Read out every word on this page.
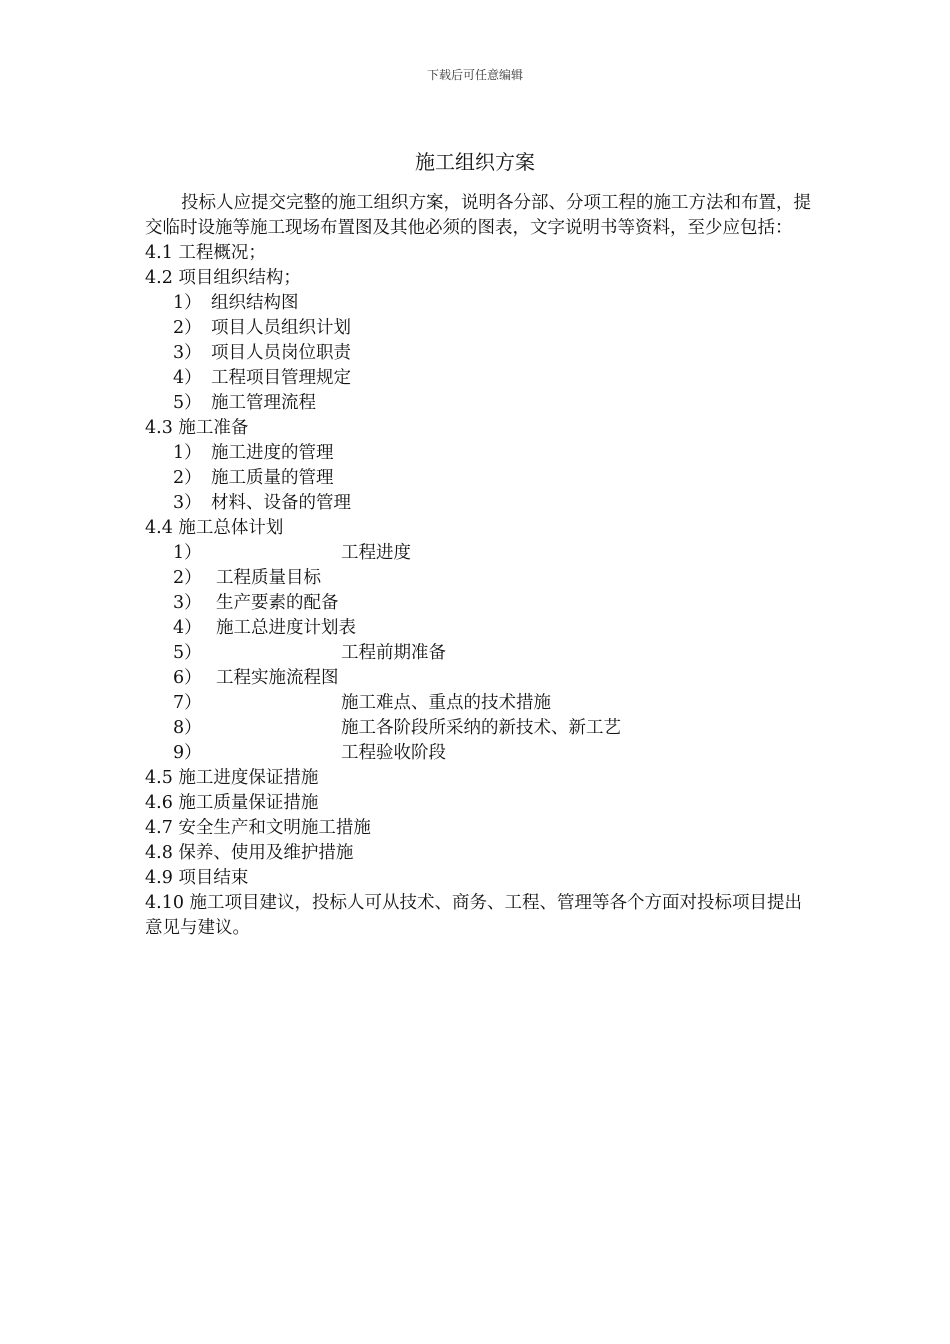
下载后可任意编辑
施工组织方案

投标人应提交完整的施工组织方案，说明各分部、分项工程的施工方法和布置，提交临时设施等施工现场布置图及其他必须的图表，文字说明书等资料，至少应包括：

4.1 工程概况；
4.2 项目组织结构；
1） 组织结构图
2） 项目人员组织计划
3） 项目人员岗位职责
4） 工程项目管理规定
5） 施工管理流程
4.3 施工准备
1） 施工进度的管理
2） 施工质量的管理
3） 材料、设备的管理
4.4 施工总体计划
1）	工程进度
2） 工程质量目标
3） 生产要素的配备
4） 施工总进度计划表
5）	工程前期准备
6） 工程实施流程图
7）	施工难点、重点的技术措施
8）	施工各阶段所采纳的新技术、新工艺
9）	工程验收阶段
4.5 施工进度保证措施
4.6 施工质量保证措施
4.7 安全生产和文明施工措施
4.8 保养、使用及维护措施
4.9 项目结束
4.10 施工项目建议，投标人可从技术、商务、工程、管理等各个方面对投标项目提出意见与建议。
